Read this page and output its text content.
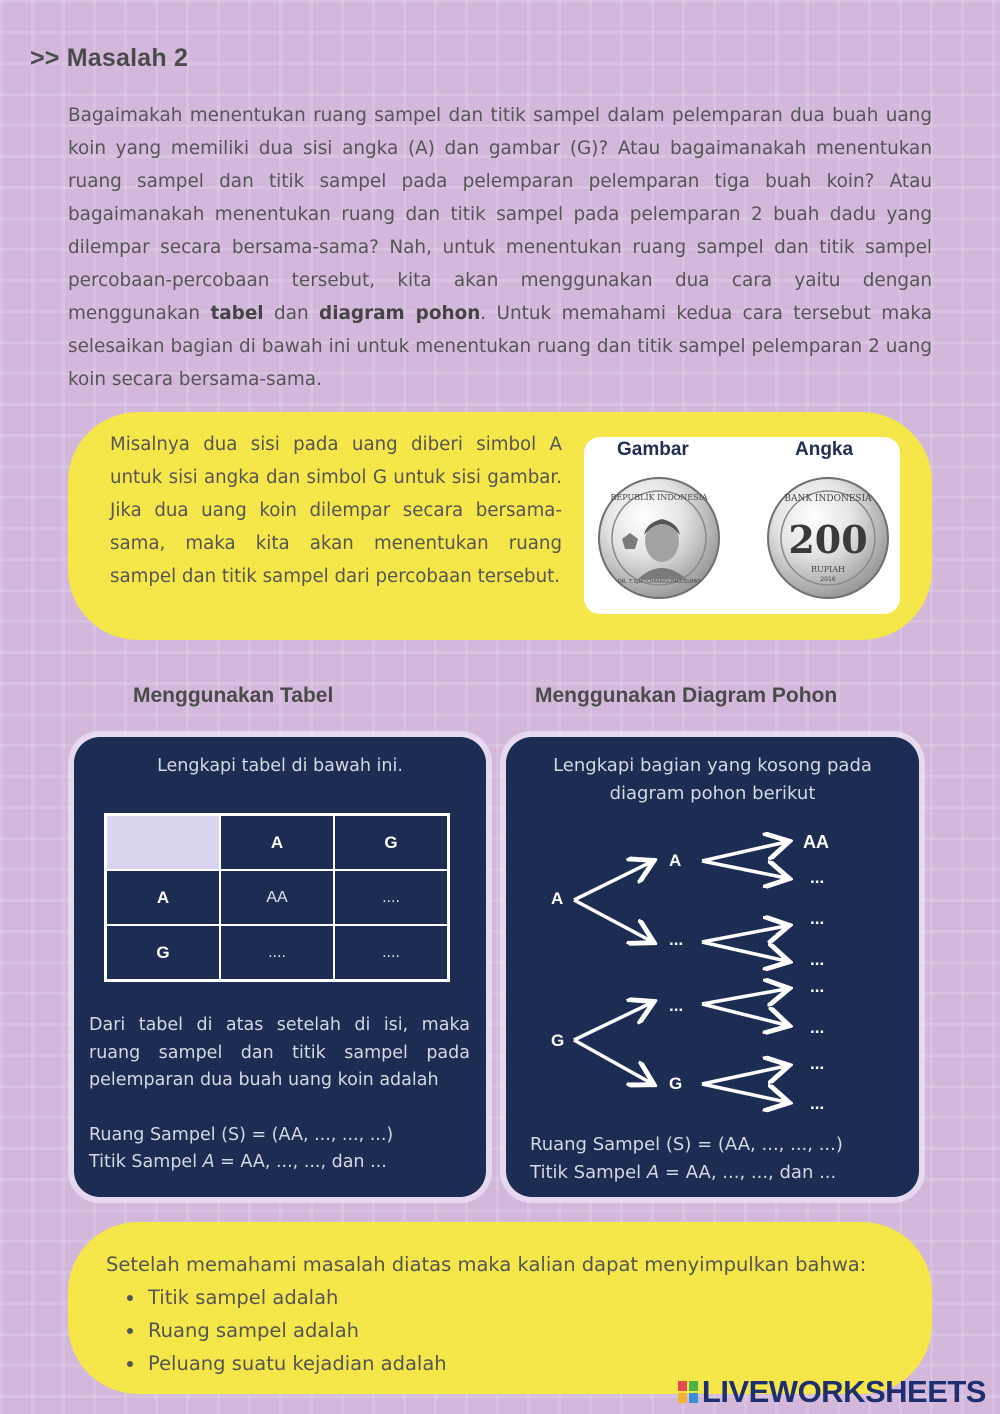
>> Masalah 2
Bagaimakah menentukan ruang sampel dan titik sampel dalam pelemparan dua buah uang koin yang memiliki dua sisi angka (A) dan gambar (G)? Atau bagaimanakah menentukan ruang sampel dan titik sampel pada pelemparan pelemparan tiga buah koin? Atau bagaimanakah menentukan ruang dan titik sampel pada pelemparan 2 buah dadu yang dilempar secara bersama-sama? Nah, untuk menentukan ruang sampel dan titik sampel percobaan-percobaan tersebut, kita akan menggunakan dua cara yaitu dengan menggunakan tabel dan diagram pohon. Untuk memahami kedua cara tersebut maka selesaikan bagian di bawah ini untuk menentukan ruang dan titik sampel pelemparan 2 uang koin secara bersama-sama.
Misalnya dua sisi pada uang diberi simbol A untuk sisi angka dan simbol G untuk sisi gambar. Jika dua uang koin dilempar secara bersama-sama, maka kita akan menentukan ruang sampel dan titik sampel dari percobaan tersebut.
Gambar	Angka
REPUBLIK INDONESIA
DR. T.SJIPTOMANGUNKUSUMO
BANK INDONESIA
200
RUPIAH
2016
Menggunakan Tabel	Menggunakan Diagram Pohon
Lengkapi tabel di bawah ini.
	A	G
A	AA	....
G	....	....
Dari tabel di atas setelah di isi, maka ruang sampel dan titik sampel pada pelemparan dua buah uang koin adalah
Ruang Sampel (S) = (AA, ..., ..., ...)
Titik Sampel A = AA, ..., ..., dan ...
Lengkapi bagian yang kosong pada diagram pohon berikut
A
G
A
...
...
G
AA
...
...
...
...
...
...
...
Ruang Sampel (S) = (AA, ..., ..., ...)
Titik Sampel A = AA, ..., ..., dan ...
Setelah memahami masalah diatas maka kalian dapat menyimpulkan bahwa:
• Titik sampel adalah
• Ruang sampel adalah
• Peluang suatu kejadian adalah
LIVEWORKSHEETS
